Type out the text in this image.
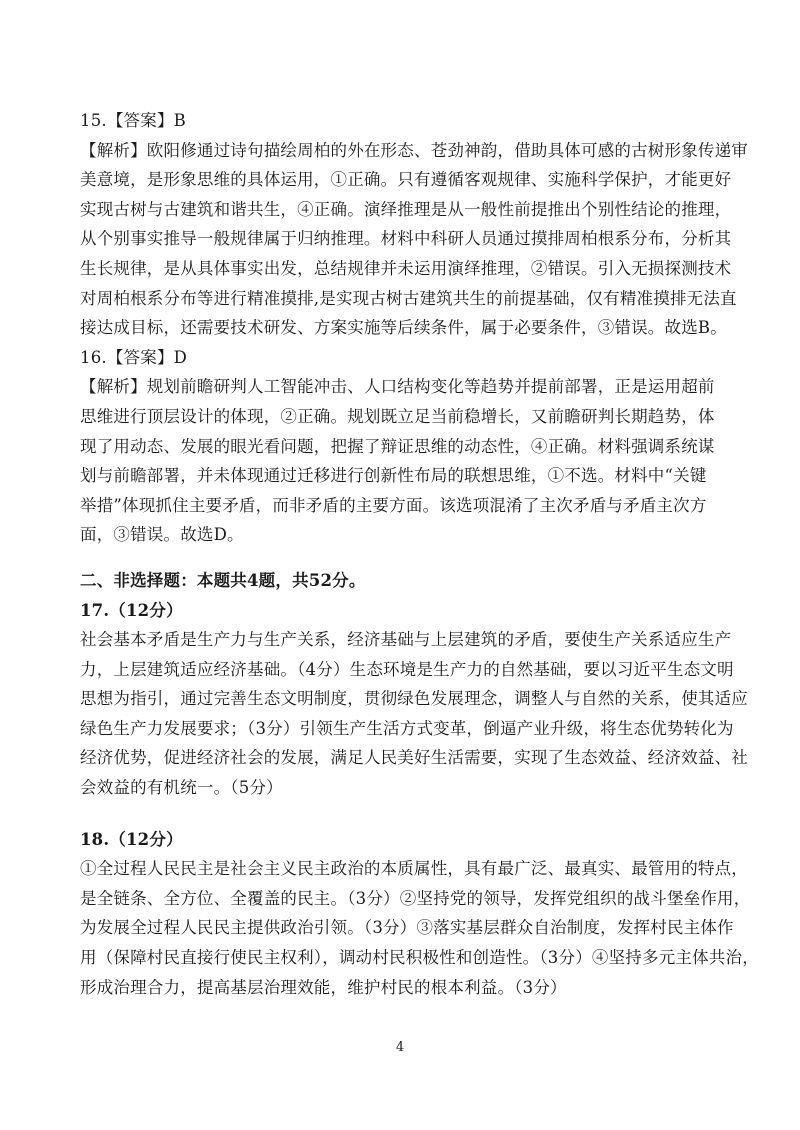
15.【答案】B
【解析】欧阳修通过诗句描绘周柏的外在形态、苍劲神韵，借助具体可感的古树形象传递审
美意境，是形象思维的具体运用，①正确。只有遵循客观规律、实施科学保护，才能更好
实现古树与古建筑和谐共生，④正确。演绎推理是从一般性前提推出个别性结论的推理，
从个别事实推导一般规律属于归纳推理。材料中科研人员通过摸排周柏根系分布，分析其
生长规律，是从具体事实出发，总结规律并未运用演绎推理，②错误。引入无损探测技术
对周柏根系分布等进行精准摸排,是实现古树古建筑共生的前提基础，仅有精准摸排无法直
接达成目标，还需要技术研发、方案实施等后续条件，属于必要条件，③错误。故选B。
16.【答案】D
【解析】规划前瞻研判人工智能冲击、人口结构变化等趋势并提前部署，正是运用超前
思维进行顶层设计的体现，②正确。规划既立足当前稳增长，又前瞻研判长期趋势，体
现了用动态、发展的眼光看问题，把握了辩证思维的动态性，④正确。材料强调系统谋
划与前瞻部署，并未体现通过迁移进行创新性布局的联想思维，①不选。材料中“关键
举措”体现抓住主要矛盾，而非矛盾的主要方面。该选项混淆了主次矛盾与矛盾主次方
面，③错误。故选D。
二、非选择题：本题共4题，共52分。
17.（12分）
社会基本矛盾是生产力与生产关系，经济基础与上层建筑的矛盾，要使生产关系适应生产
力，上层建筑适应经济基础。（4分）生态环境是生产力的自然基础，要以习近平生态文明
思想为指引，通过完善生态文明制度，贯彻绿色发展理念，调整人与自然的关系，使其适应
绿色生产力发展要求；（3分）引领生产生活方式变革，倒逼产业升级，将生态优势转化为
经济优势，促进经济社会的发展，满足人民美好生活需要，实现了生态效益、经济效益、社
会效益的有机统一。（5分）
18.（12分）
①全过程人民民主是社会主义民主政治的本质属性，具有最广泛、最真实、最管用的特点，
是全链条、全方位、全覆盖的民主。（3分）②坚持党的领导，发挥党组织的战斗堡垒作用，
为发展全过程人民民主提供政治引领。（3分）③落实基层群众自治制度，发挥村民主体作
用（保障村民直接行使民主权利），调动村民积极性和创造性。（3分）④坚持多元主体共治，
形成治理合力，提高基层治理效能，维护村民的根本利益。（3分）
4
